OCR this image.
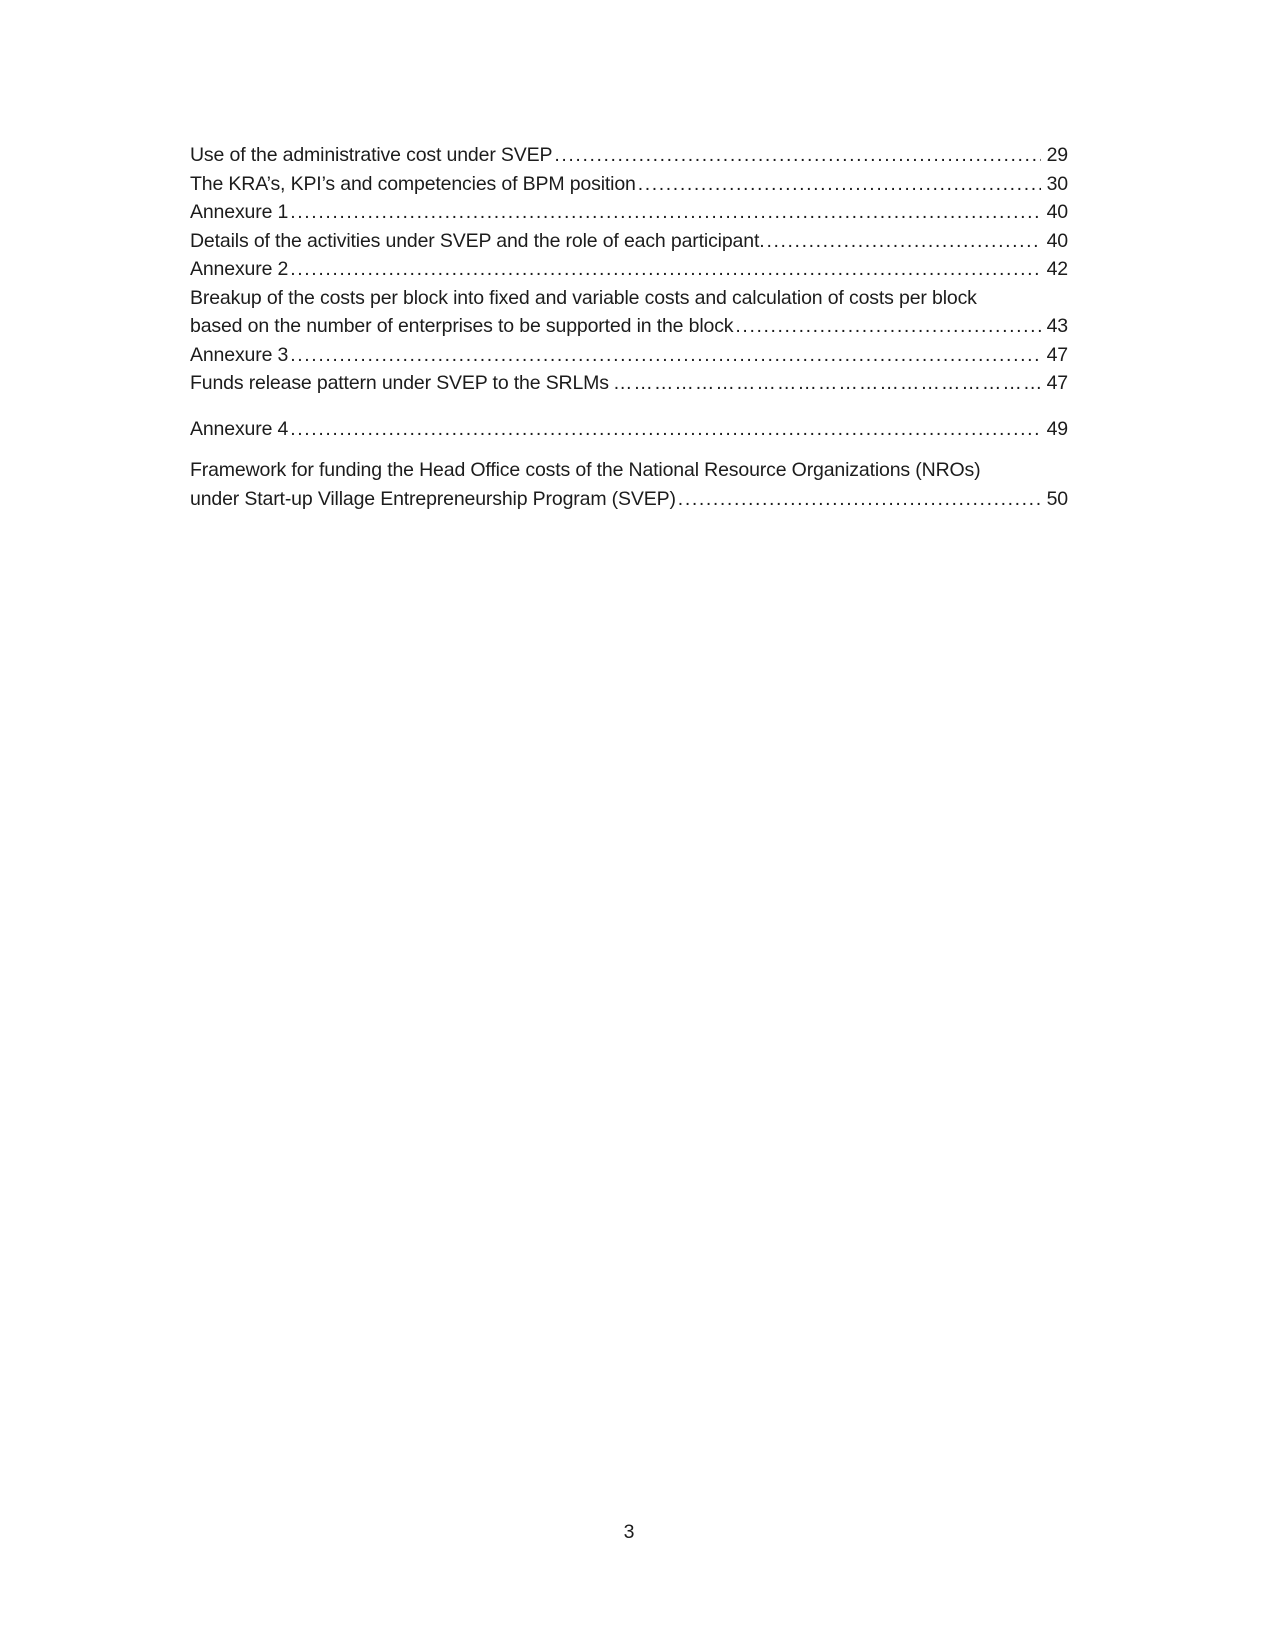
Use of the administrative cost under SVEP .....	29
The KRA’s, KPI’s and competencies of BPM position .....	30
Annexure 1 .....	40
Details of the activities under SVEP and the role of each participant. .....	40
Annexure 2 .....	42
Breakup of the costs per block into fixed and variable costs and calculation of costs per block
based on the number of enterprises to be supported in the block .....	43
Annexure 3 .....	47
Funds release pattern under SVEP to the SRLMs ………………………………………………………………………………………………………………………………………………………………	47
Annexure 4 .....	49
Framework for funding the Head Office costs of the National Resource Organizations (NROs)
under Start-up Village Entrepreneurship Program (SVEP) .....	50
3
